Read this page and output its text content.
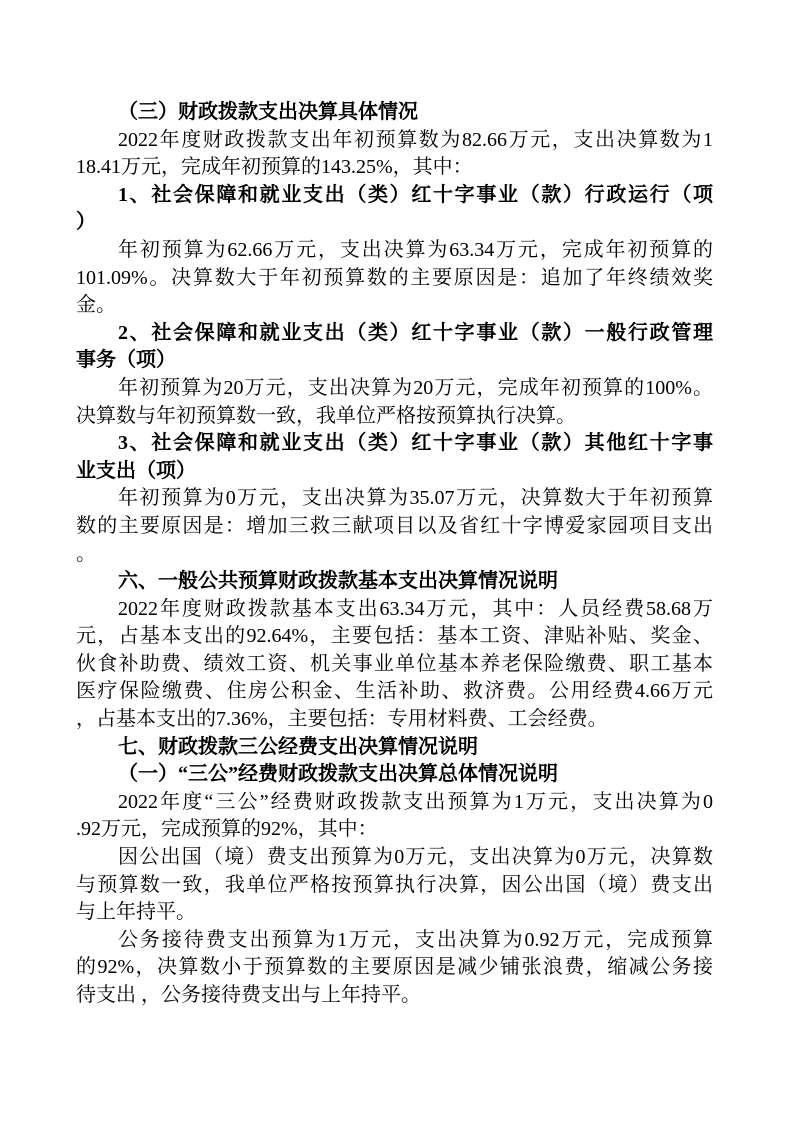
（三）财政拨款支出决算具体情况
2022年度财政拨款支出年初预算数为82.66万元，支出决算数为1
18.41万元，完成年初预算的143.25%，其中：
1、社会保障和就业支出（类）红十字事业（款）行政运行（项
）
年初预算为62.66万元，支出决算为63.34万元，完成年初预算的
101.09%。决算数大于年初预算数的主要原因是：追加了年终绩效奖
金。
2、社会保障和就业支出（类）红十字事业（款）一般行政管理
事务（项）
年初预算为20万元，支出决算为20万元，完成年初预算的100%。
决算数与年初预算数一致，我单位严格按预算执行决算。
3、社会保障和就业支出（类）红十字事业（款）其他红十字事
业支出（项）
年初预算为0万元，支出决算为35.07万元，决算数大于年初预算
数的主要原因是：增加三救三献项目以及省红十字博爱家园项目支出
。
六、一般公共预算财政拨款基本支出决算情况说明
2022年度财政拨款基本支出63.34万元，其中：人员经费58.68万
元，占基本支出的92.64%，主要包括：基本工资、津贴补贴、奖金、
伙食补助费、绩效工资、机关事业单位基本养老保险缴费、职工基本
医疗保险缴费、住房公积金、生活补助、救济费。公用经费4.66万元
，占基本支出的7.36%，主要包括：专用材料费、工会经费。
七、财政拨款三公经费支出决算情况说明
（一）“三公”经费财政拨款支出决算总体情况说明
2022年度“三公”经费财政拨款支出预算为1万元，支出决算为0
.92万元，完成预算的92%，其中：
因公出国（境）费支出预算为0万元，支出决算为0万元，决算数
与预算数一致，我单位严格按预算执行决算，因公出国（境）费支出
与上年持平。
公务接待费支出预算为1万元，支出决算为0.92万元，完成预算
的92%，决算数小于预算数的主要原因是减少铺张浪费，缩减公务接
待支出 ，公务接待费支出与上年持平。
